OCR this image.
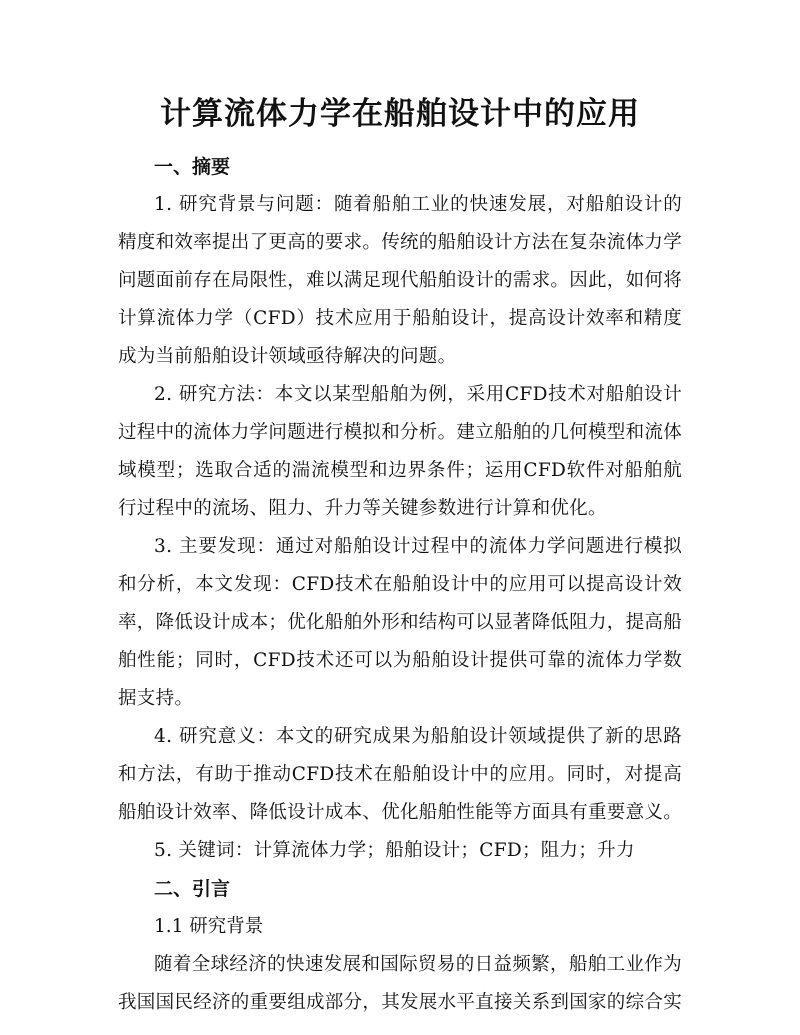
计算流体力学在船舶设计中的应用
一、摘要

1. 研究背景与问题：随着船舶工业的快速发展，对船舶设计的精度和效率提出了更高的要求。传统的船舶设计方法在复杂流体力学问题面前存在局限性，难以满足现代船舶设计的需求。因此，如何将计算流体力学（CFD）技术应用于船舶设计，提高设计效率和精度成为当前船舶设计领域亟待解决的问题。

2. 研究方法：本文以某型船舶为例，采用CFD技术对船舶设计过程中的流体力学问题进行模拟和分析。建立船舶的几何模型和流体域模型；选取合适的湍流模型和边界条件；运用CFD软件对船舶航行过程中的流场、阻力、升力等关键参数进行计算和优化。

3. 主要发现：通过对船舶设计过程中的流体力学问题进行模拟和分析，本文发现：CFD技术在船舶设计中的应用可以提高设计效率，降低设计成本；优化船舶外形和结构可以显著降低阻力，提高船舶性能；同时，CFD技术还可以为船舶设计提供可靠的流体力学数据支持。

4. 研究意义：本文的研究成果为船舶设计领域提供了新的思路和方法，有助于推动CFD技术在船舶设计中的应用。同时，对提高船舶设计效率、降低设计成本、优化船舶性能等方面具有重要意义。

5. 关键词：计算流体力学；船舶设计；CFD；阻力；升力

二、引言

1.1 研究背景

随着全球经济的快速发展和国际贸易的日益频繁，船舶工业作为我国国民经济的重要组成部分，其发展水平直接关系到国家的综合实
